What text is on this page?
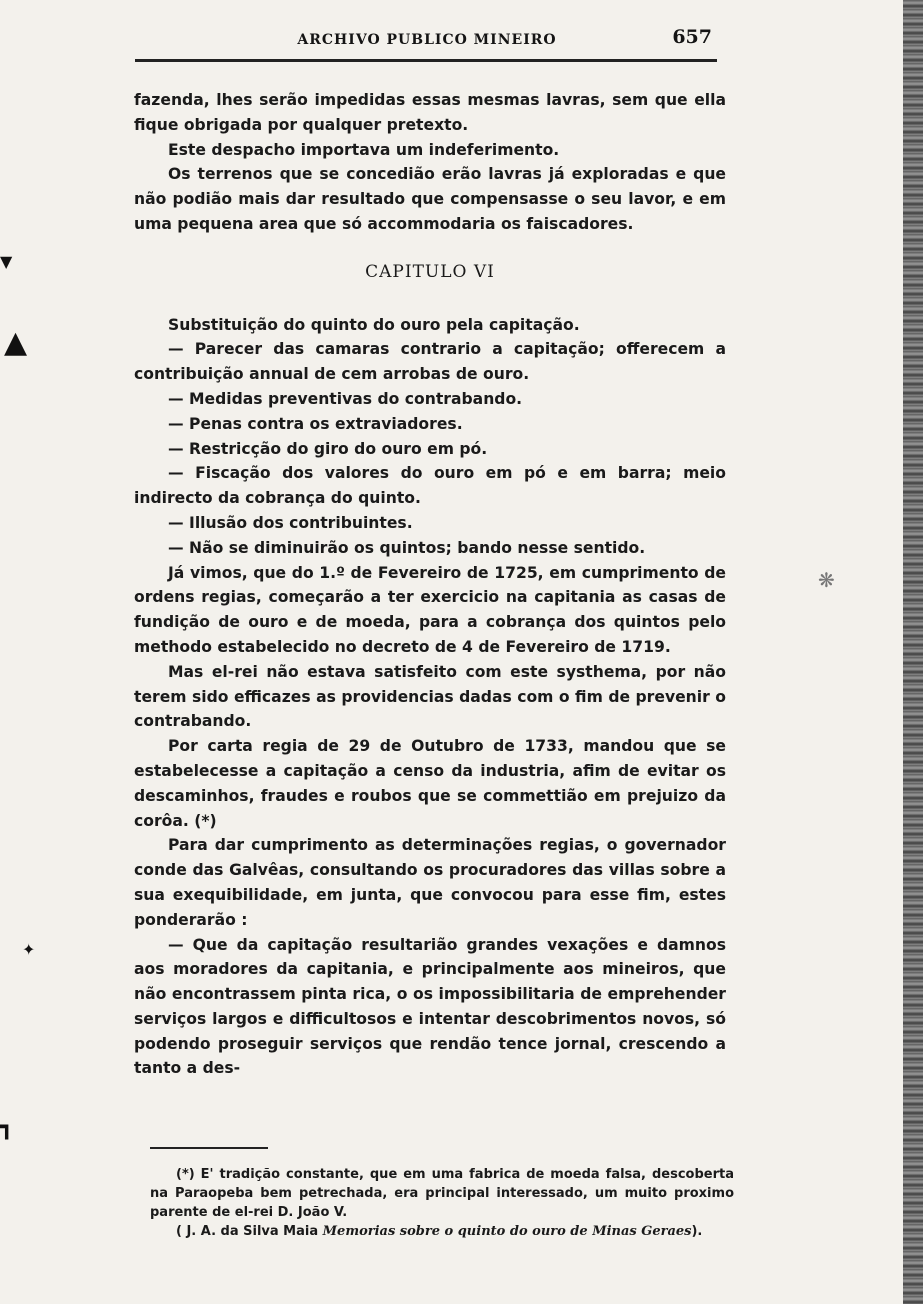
ARCHIVO PUBLICO MINEIRO	657

fazenda, lhes serão impedidas essas mesmas lavras, sem que ella fique obrigada por qualquer pretexto.

Este despacho importava um indeferimento.

Os terrenos que se concedião erão lavras já exploradas e que não podião mais dar resultado que compensasse o seu lavor, e em uma pequena area que só accommodaria os faiscadores.

CAPITULO VI

Substituição do quinto do ouro pela capitação.

— Parecer das camaras contrario a capitação; offerecem a contribuição annual de cem arrobas de ouro.

— Medidas preventivas do contrabando.

— Penas contra os extraviadores.

— Restricção do giro do ouro em pó.

— Fiscação dos valores do ouro em pó e em barra; meio indirecto da cobrança do quinto.

— Illusão dos contribuintes.

— Não se diminuirão os quintos; bando nesse sentido.

Já vimos, que do 1.º de Fevereiro de 1725, em cumprimento de ordens regias, começarão a ter exercicio na capitania as casas de fundição de ouro e de moeda, para a cobrança dos quintos pelo methodo estabelecido no decreto de 4 de Fevereiro de 1719.

Mas el-rei não estava satisfeito com este systhema, por não terem sido efficazes as providencias dadas com o fim de prevenir o contrabando.

Por carta regia de 29 de Outubro de 1733, mandou que se estabelecesse a capitação a censo da industria, afim de evitar os descaminhos, fraudes e roubos que se commettião em prejuizo da corôa. (*)

Para dar cumprimento as determinações regias, o governador conde das Galvêas, consultando os procuradores das villas sobre a sua exequibilidade, em junta, que convocou para esse fim, estes ponderarão :

— Que da capitação resultarião grandes vexações e damnos aos moradores da capitania, e principalmente aos mineiros, que não encontrassem pinta rica, o os impossibilitaria de emprehender serviços largos e difficultosos e intentar descobrimentos novos, só podendo proseguir serviços que rendão tence jornal, crescendo a tanto a des-

(*) E' tradição constante, que em uma fabrica de moeda falsa, descoberta na Paraopeba bem petrechada, era principal interessado, um muito proximo parente de el-rei D. João V.

( J. A. da Silva Maia Memorias sobre o quinto do ouro de Minas Geraes).

▼
▲
✦
┓
❋
